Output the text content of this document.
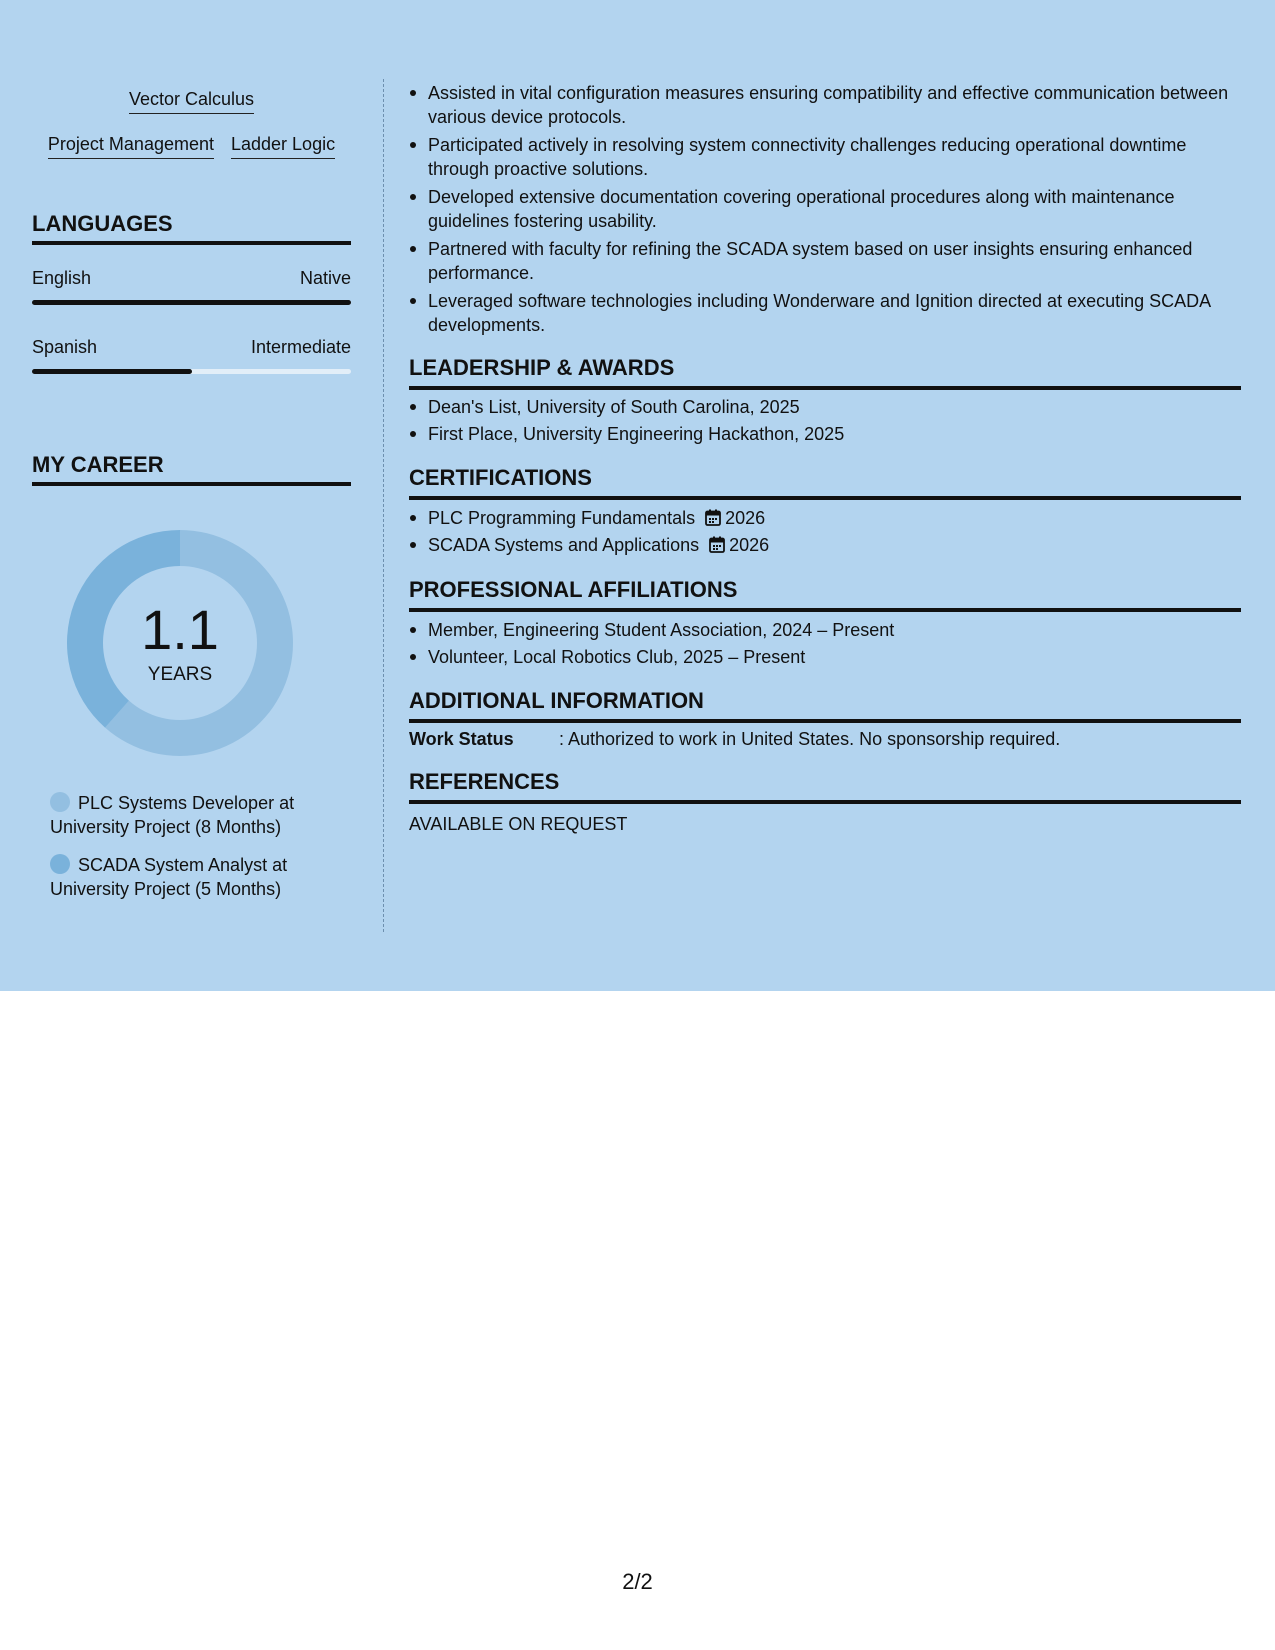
Vector Calculus
Project Management Ladder Logic
LANGUAGES
English	Native
Spanish	Intermediate
MY CAREER
1.1
YEARS
PLC Systems Developer at University Project (8 Months)
SCADA System Analyst at University Project (5 Months)
Assisted in vital configuration measures ensuring compatibility and effective communication between various device protocols.
Participated actively in resolving system connectivity challenges reducing operational downtime through proactive solutions.
Developed extensive documentation covering operational procedures along with maintenance guidelines fostering usability.
Partnered with faculty for refining the SCADA system based on user insights ensuring enhanced performance.
Leveraged software technologies including Wonderware and Ignition directed at executing SCADA developments.
LEADERSHIP & AWARDS
Dean's List, University of South Carolina, 2025
First Place, University Engineering Hackathon, 2025
CERTIFICATIONS
PLC Programming Fundamentals 2026
SCADA Systems and Applications 2026
PROFESSIONAL AFFILIATIONS
Member, Engineering Student Association, 2024 – Present
Volunteer, Local Robotics Club, 2025 – Present
ADDITIONAL INFORMATION
Work Status	: Authorized to work in United States. No sponsorship required.
REFERENCES
AVAILABLE ON REQUEST
2/2
